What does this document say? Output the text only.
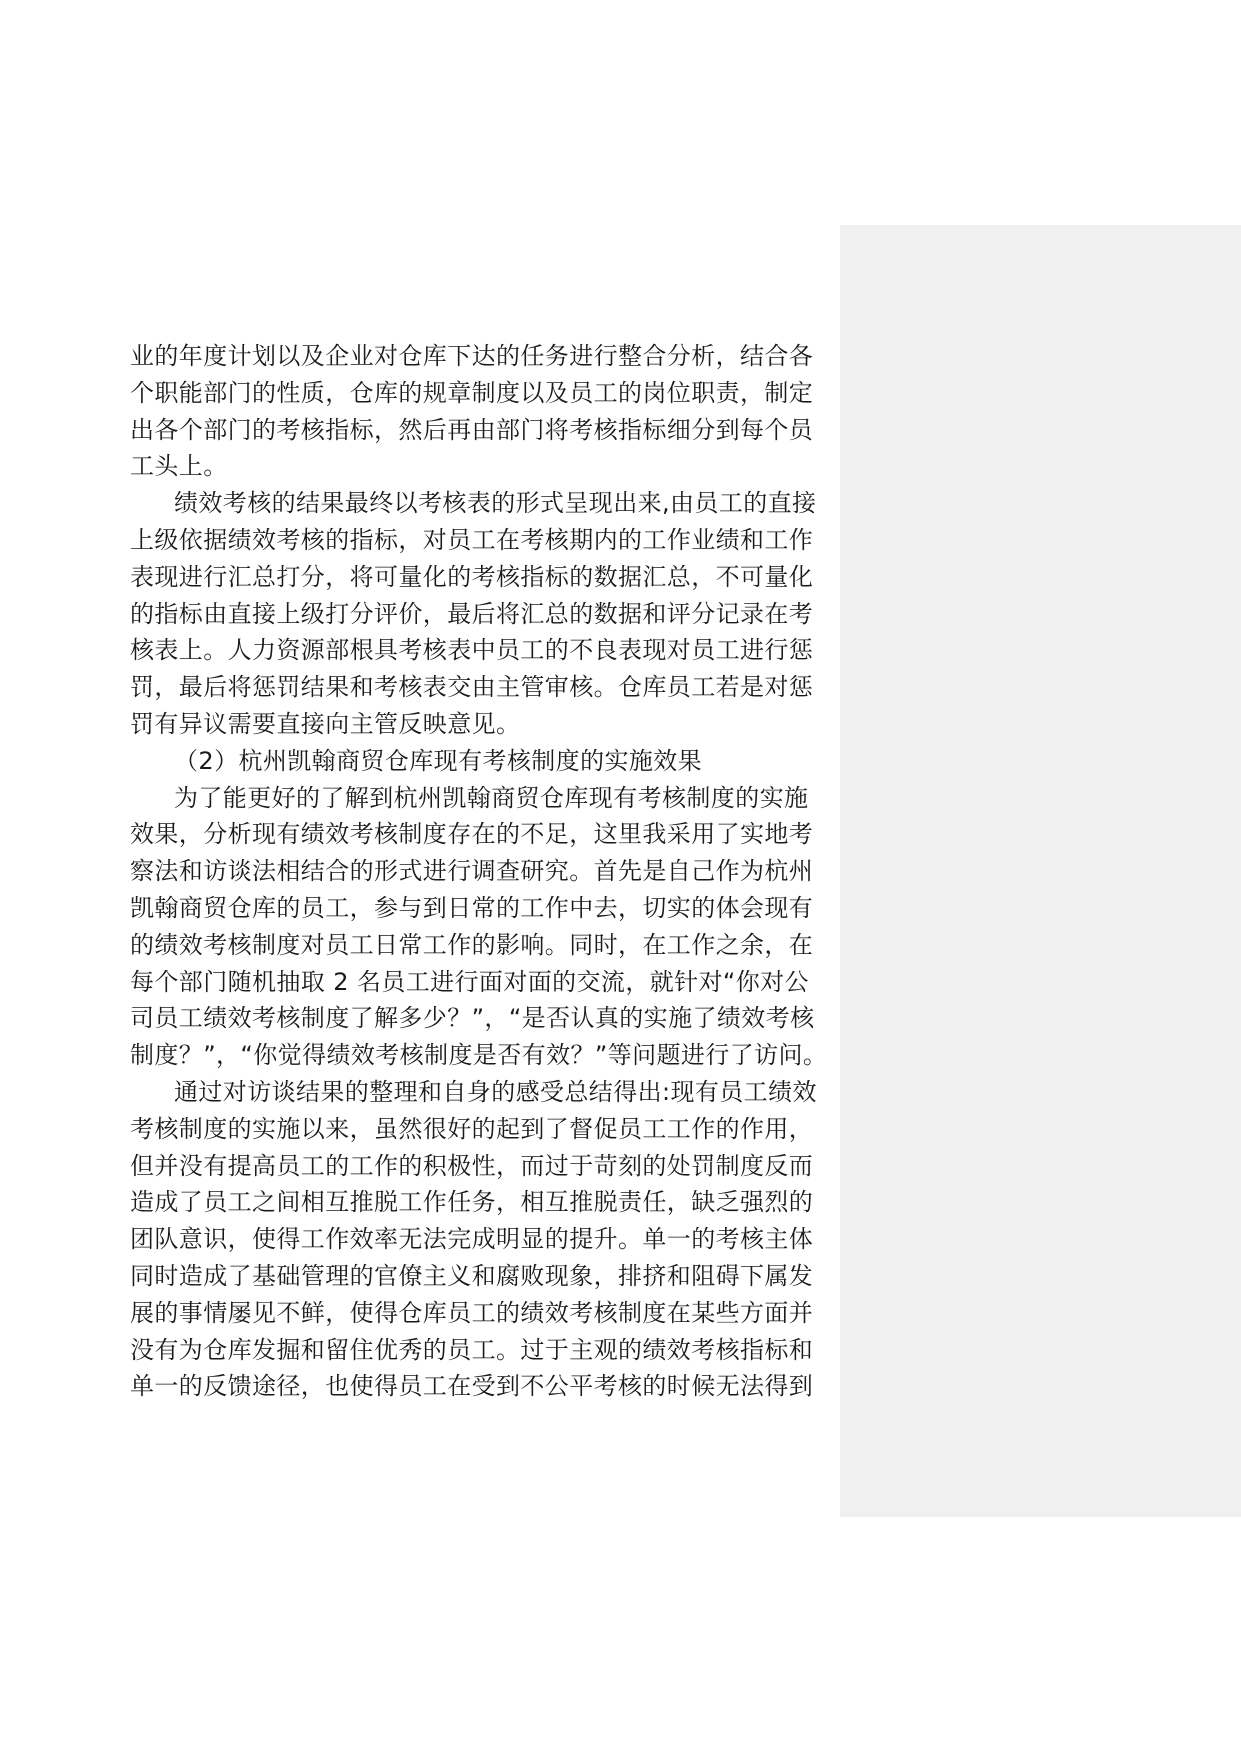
业的年度计划以及企业对仓库下达的任务进行整合分析，结合各

个职能部门的性质，仓库的规章制度以及员工的岗位职责，制定

出各个部门的考核指标，然后再由部门将考核指标细分到每个员

工头上。

绩效考核的结果最终以考核表的形式呈现出来,由员工的直接

上级依据绩效考核的指标，对员工在考核期内的工作业绩和工作

表现进行汇总打分，将可量化的考核指标的数据汇总，不可量化

的指标由直接上级打分评价，最后将汇总的数据和评分记录在考

核表上。人力资源部根具考核表中员工的不良表现对员工进行惩

罚，最后将惩罚结果和考核表交由主管审核。仓库员工若是对惩

罚有异议需要直接向主管反映意见。

（2）杭州凯翰商贸仓库现有考核制度的实施效果

为了能更好的了解到杭州凯翰商贸仓库现有考核制度的实施

效果，分析现有绩效考核制度存在的不足，这里我采用了实地考

察法和访谈法相结合的形式进行调查研究。首先是自己作为杭州

凯翰商贸仓库的员工，参与到日常的工作中去，切实的体会现有

的绩效考核制度对员工日常工作的影响。同时，在工作之余，在

每个部门随机抽取 2 名员工进行面对面的交流，就针对“你对公

司员工绩效考核制度了解多少？”，“是否认真的实施了绩效考核

制度？”，“你觉得绩效考核制度是否有效？”等问题进行了访问。

通过对访谈结果的整理和自身的感受总结得出:现有员工绩效

考核制度的实施以来，虽然很好的起到了督促员工工作的作用，

但并没有提高员工的工作的积极性，而过于苛刻的处罚制度反而

造成了员工之间相互推脱工作任务，相互推脱责任，缺乏强烈的

团队意识，使得工作效率无法完成明显的提升。单一的考核主体

同时造成了基础管理的官僚主义和腐败现象，排挤和阻碍下属发

展的事情屡见不鲜，使得仓库员工的绩效考核制度在某些方面并

没有为仓库发掘和留住优秀的员工。过于主观的绩效考核指标和

单一的反馈途径，也使得员工在受到不公平考核的时候无法得到
